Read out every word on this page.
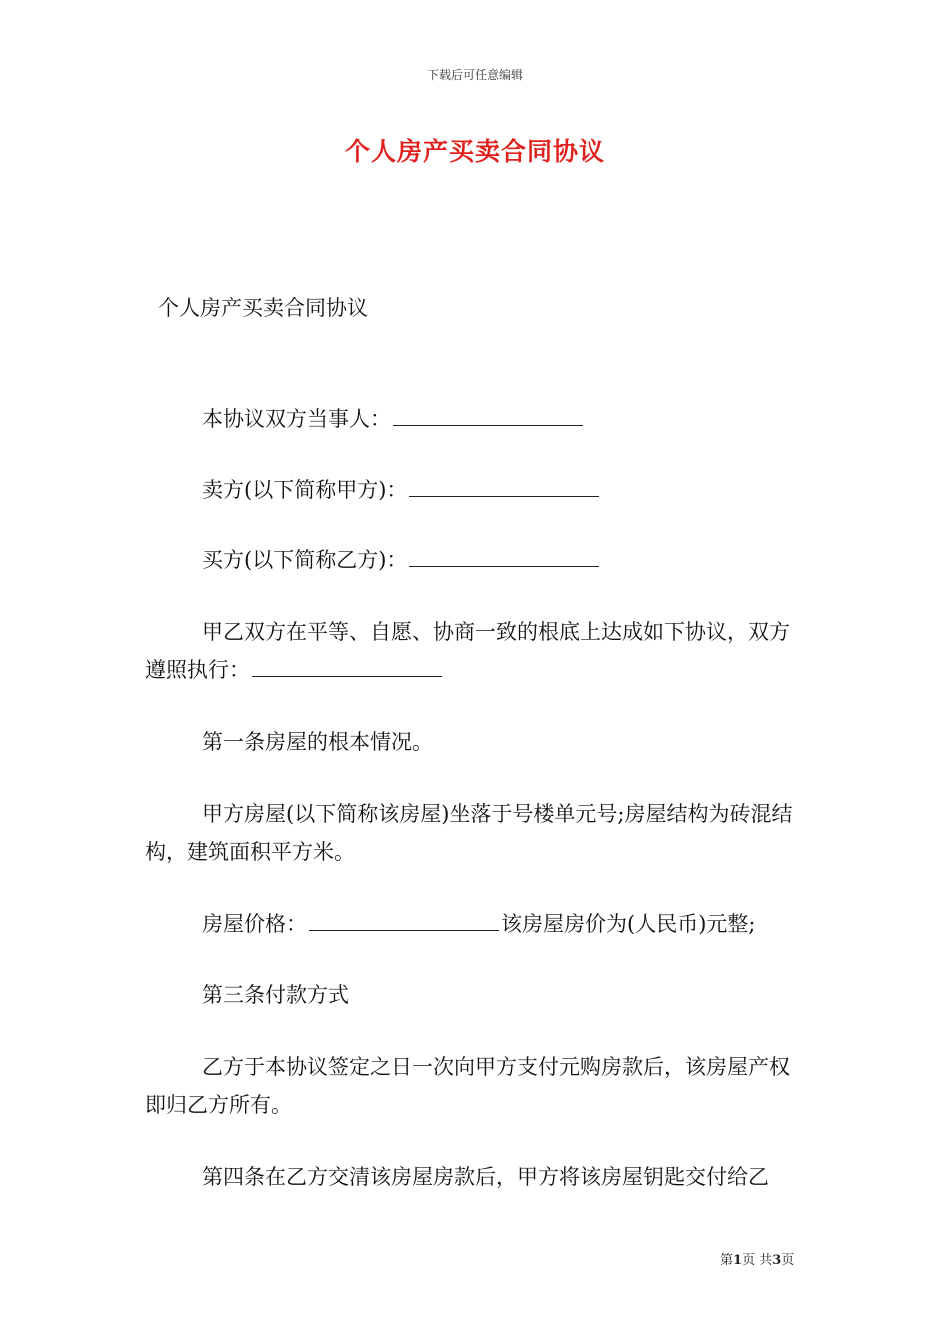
下载后可任意编辑
个人房产买卖合同协议
个人房产买卖合同协议
本协议双方当事人：
卖方(以下简称甲方)：
买方(以下简称乙方)：
甲乙双方在平等、自愿、协商一致的根底上达成如下协议，双方遵照执行：
第一条房屋的根本情况。
甲方房屋(以下简称该房屋)坐落于号楼单元号;房屋结构为砖混结构，建筑面积平方米。
房屋价格：	该房屋房价为(人民币)元整;
第三条付款方式
乙方于本协议签定之日一次向甲方支付元购房款后，该房屋产权即归乙方所有。
第四条在乙方交清该房屋房款后，甲方将该房屋钥匙交付给乙
第1页 共3页
